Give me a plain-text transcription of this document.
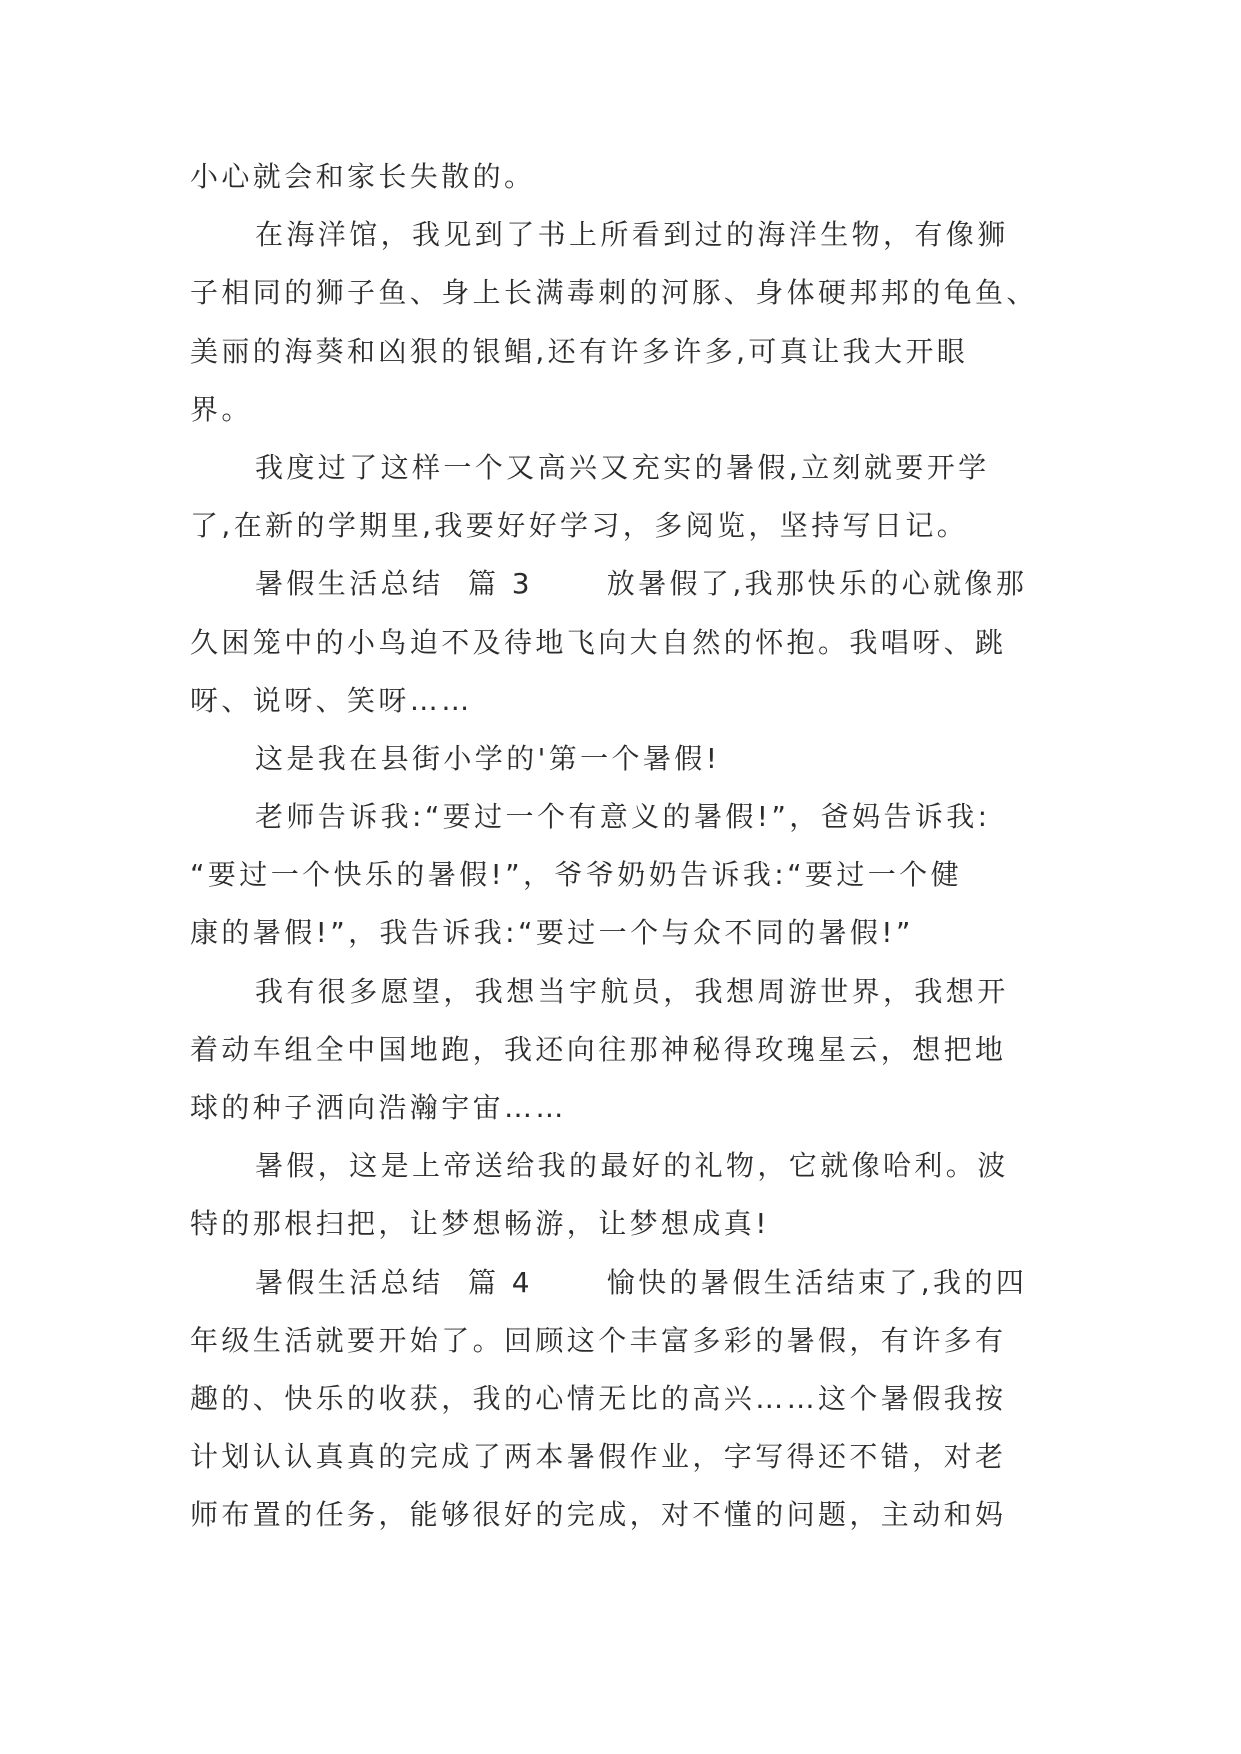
小心就会和家长失散的。
在海洋馆，我见到了书上所看到过的海洋生物，有像狮
子相同的狮子鱼、身上长满毒刺的河豚、身体硬邦邦的龟鱼、
美丽的海葵和凶狠的银鲳,还有许多许多,可真让我大开眼
界。
我度过了这样一个又高兴又充实的暑假,立刻就要开学
了,在新的学期里,我要好好学习，多阅览，坚持写日记。
暑假生活总结  篇 3      放暑假了,我那快乐的心就像那
久困笼中的小鸟迫不及待地飞向大自然的怀抱。我唱呀、跳
呀、说呀、笑呀……
这是我在县街小学的'第一个暑假!
老师告诉我:“要过一个有意义的暑假!”，爸妈告诉我:
“要过一个快乐的暑假!”，爷爷奶奶告诉我:“要过一个健
康的暑假!”，我告诉我:“要过一个与众不同的暑假!”
我有很多愿望，我想当宇航员，我想周游世界，我想开
着动车组全中国地跑，我还向往那神秘得玫瑰星云，想把地
球的种子洒向浩瀚宇宙……
暑假，这是上帝送给我的最好的礼物，它就像哈利。波
特的那根扫把，让梦想畅游，让梦想成真!
暑假生活总结  篇 4      愉快的暑假生活结束了,我的四
年级生活就要开始了。回顾这个丰富多彩的暑假，有许多有
趣的、快乐的收获，我的心情无比的高兴……这个暑假我按
计划认认真真的完成了两本暑假作业，字写得还不错，对老
师布置的任务，能够很好的完成，对不懂的问题，主动和妈
